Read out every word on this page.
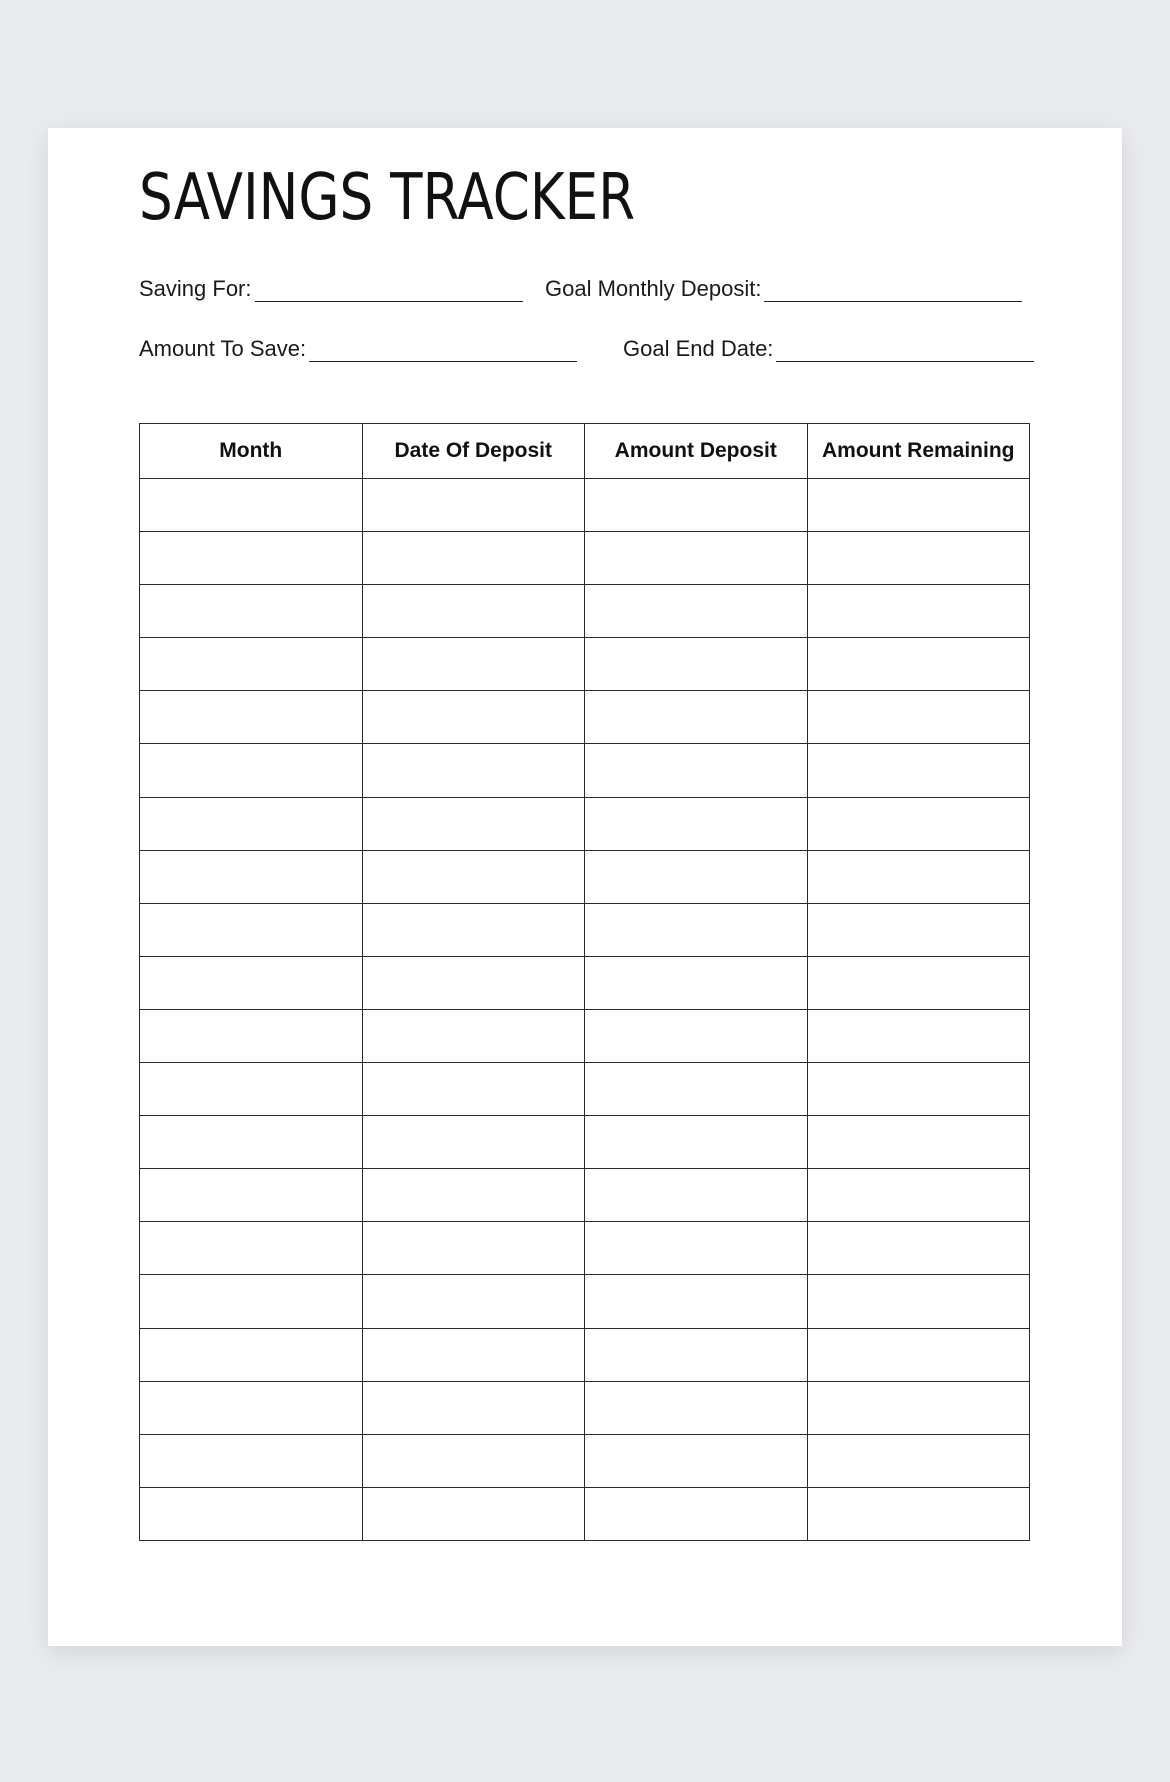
SAVINGS TRACKER
Saving For:	Goal Monthly Deposit:
Amount To Save:	Goal End Date:
Month	Date Of Deposit	Amount Deposit	Amount Remaining
